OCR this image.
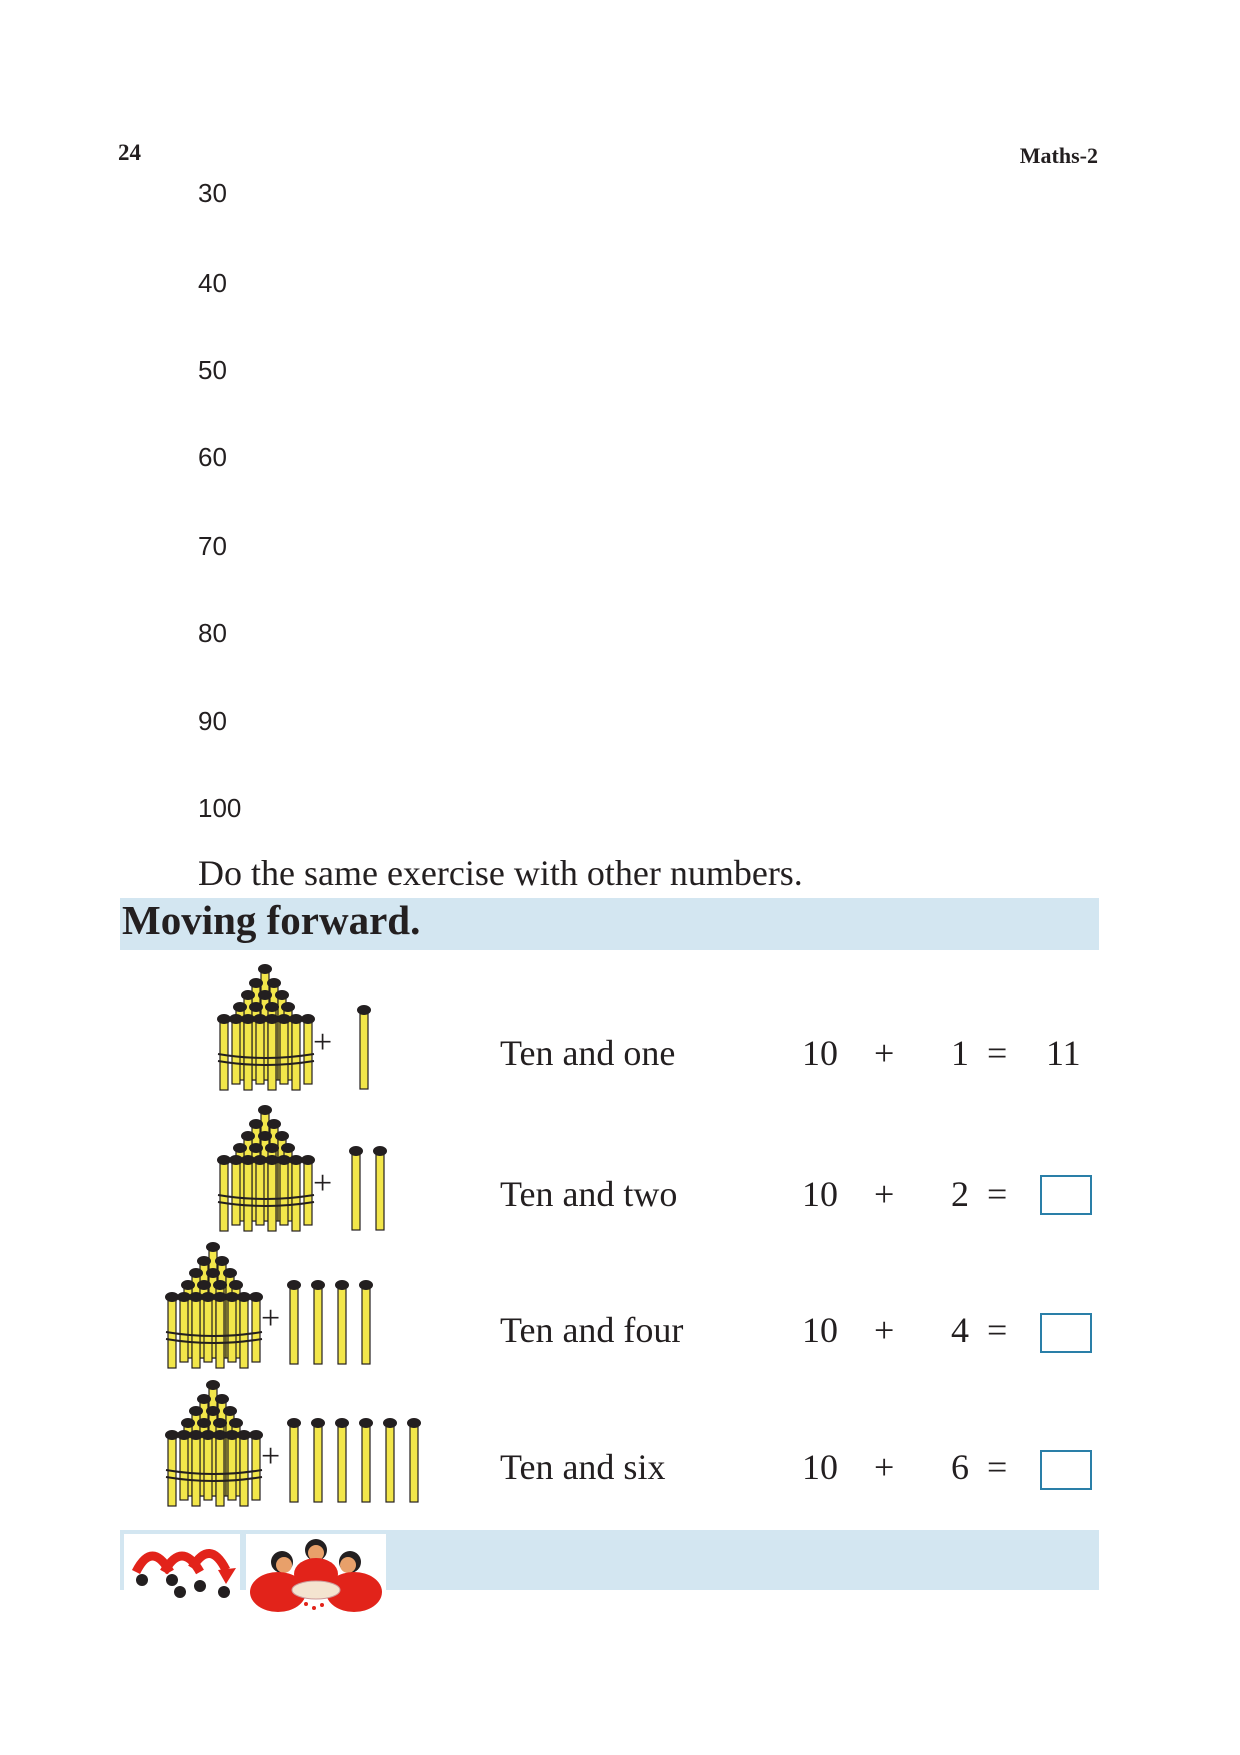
24	Maths-2
30
40
50
60
70
80
90
100
Do the same exercise with other numbers.
Moving forward.
+	Ten and one	10 + 1 = 11
+	Ten and two	10 + 2 =
+	Ten and four	10 + 4 =
+	Ten and six	10 + 6 =
